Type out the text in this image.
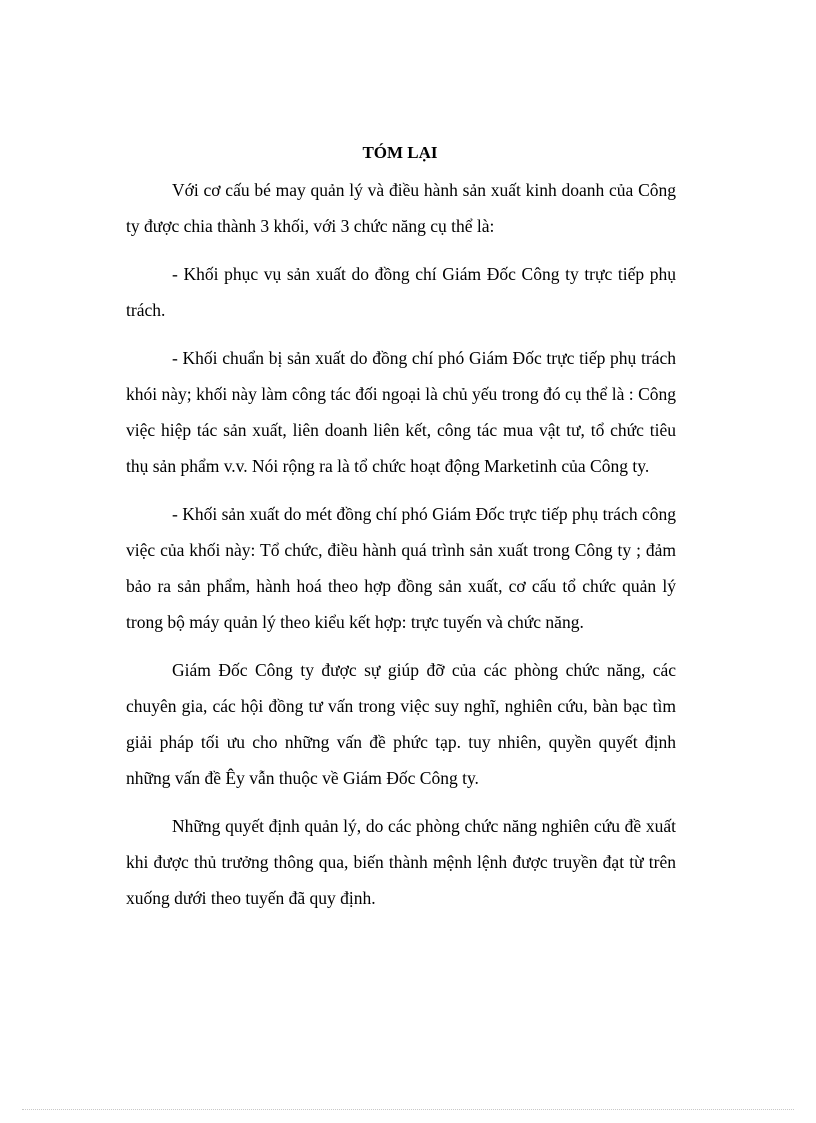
TÓM LẠI

Với cơ cấu bé may quản lý và điều hành sản xuất kinh doanh của Công ty được chia thành 3 khối, với 3 chức năng cụ thể là:

- Khối phục vụ sản xuất do đồng chí Giám Đốc Công ty trực tiếp phụ trách.

- Khối chuẩn bị sản xuất do đồng chí phó Giám Đốc trực tiếp phụ trách khói này; khối này làm công tác đối ngoại là chủ yếu trong đó cụ thể là : Công việc hiệp tác sản xuất, liên doanh liên kết, công tác mua vật tư, tổ chức tiêu thụ sản phẩm v.v. Nói rộng ra là tổ chức hoạt động Marketinh của Công ty.

- Khối sản xuất do mét đồng chí phó Giám Đốc trực tiếp phụ trách công việc của khối này: Tổ chức, điều hành quá trình sản xuất trong Công ty ; đảm bảo ra sản phẩm, hành hoá theo hợp đồng sản xuất, cơ cấu tổ chức quản lý trong bộ máy quản lý theo kiểu kết hợp: trực tuyến và chức năng.

Giám Đốc Công ty được sự giúp đỡ của các phòng chức năng, các chuyên gia, các hội đồng tư vấn trong việc suy nghĩ, nghiên cứu, bàn bạc tìm giải pháp tối ưu cho những vấn đề phức tạp. tuy nhiên, quyền quyết định những vấn đề Êy vẫn thuộc về Giám Đốc Công ty.

Những quyết định quản lý, do các phòng chức năng nghiên cứu đề xuất khi được thủ trưởng thông qua, biến thành mệnh lệnh được truyền đạt từ trên xuống dưới theo tuyến đã quy định.
